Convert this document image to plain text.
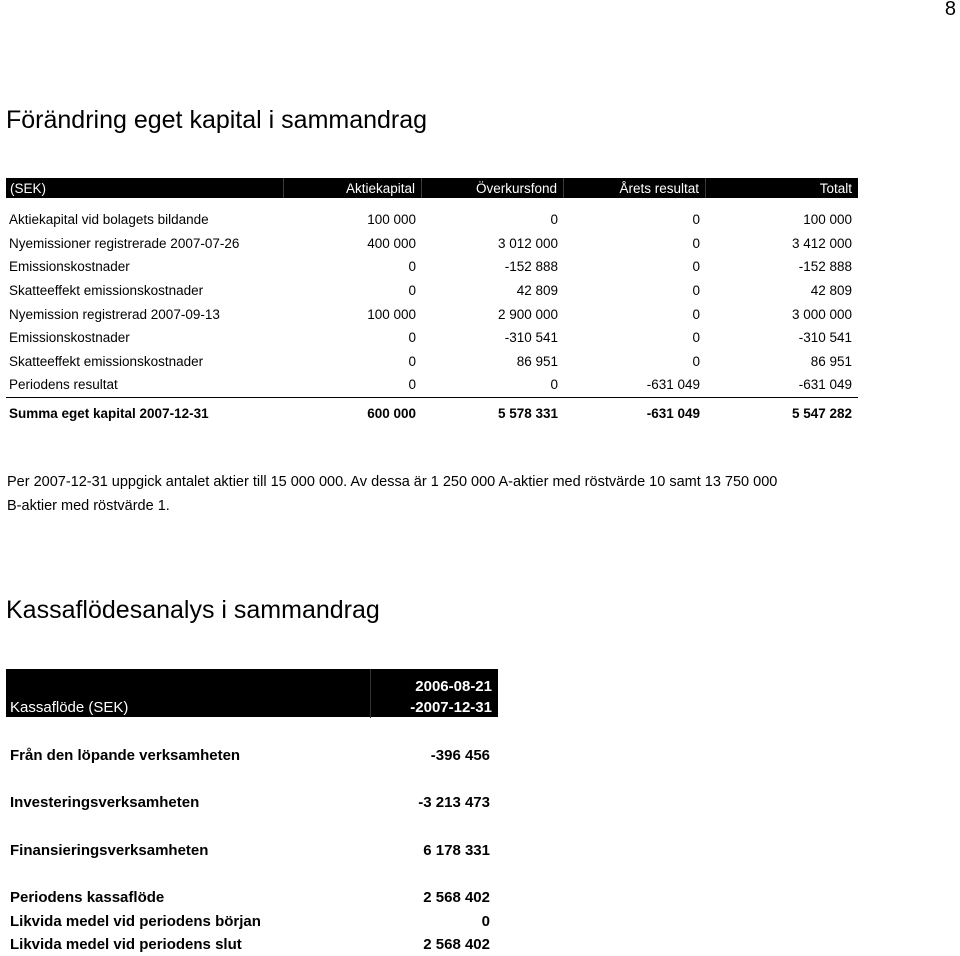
8
Förändring eget kapital i sammandrag
(SEK)	Aktiekapital	Överkursfond	Årets resultat	Totalt
Aktiekapital vid bolagets bildande	100 000	0	0	100 000
Nyemissioner registrerade 2007-07-26	400 000	3 012 000	0	3 412 000
Emissionskostnader	0	-152 888	0	-152 888
Skatteeffekt emissionskostnader	0	42 809	0	42 809
Nyemission registrerad 2007-09-13	100 000	2 900 000	0	3 000 000
Emissionskostnader	0	-310 541	0	-310 541
Skatteeffekt emissionskostnader	0	86 951	0	86 951
Periodens resultat	0	0	-631 049	-631 049
Summa eget kapital 2007-12-31	600 000	5 578 331	-631 049	5 547 282
Per 2007-12-31 uppgick antalet aktier till 15 000 000. Av dessa är 1 250 000 A-aktier med röstvärde 10 samt 13 750 000
B-aktier med röstvärde 1.
Kassaflödesanalys i sammandrag
Kassaflöde (SEK)
2006-08-21
-2007-12-31
Från den löpande verksamheten	-396 456
Investeringsverksamheten	-3 213 473
Finansieringsverksamheten	6 178 331
Periodens kassaflöde	2 568 402
Likvida medel vid periodens början	0
Likvida medel vid periodens slut	2 568 402
